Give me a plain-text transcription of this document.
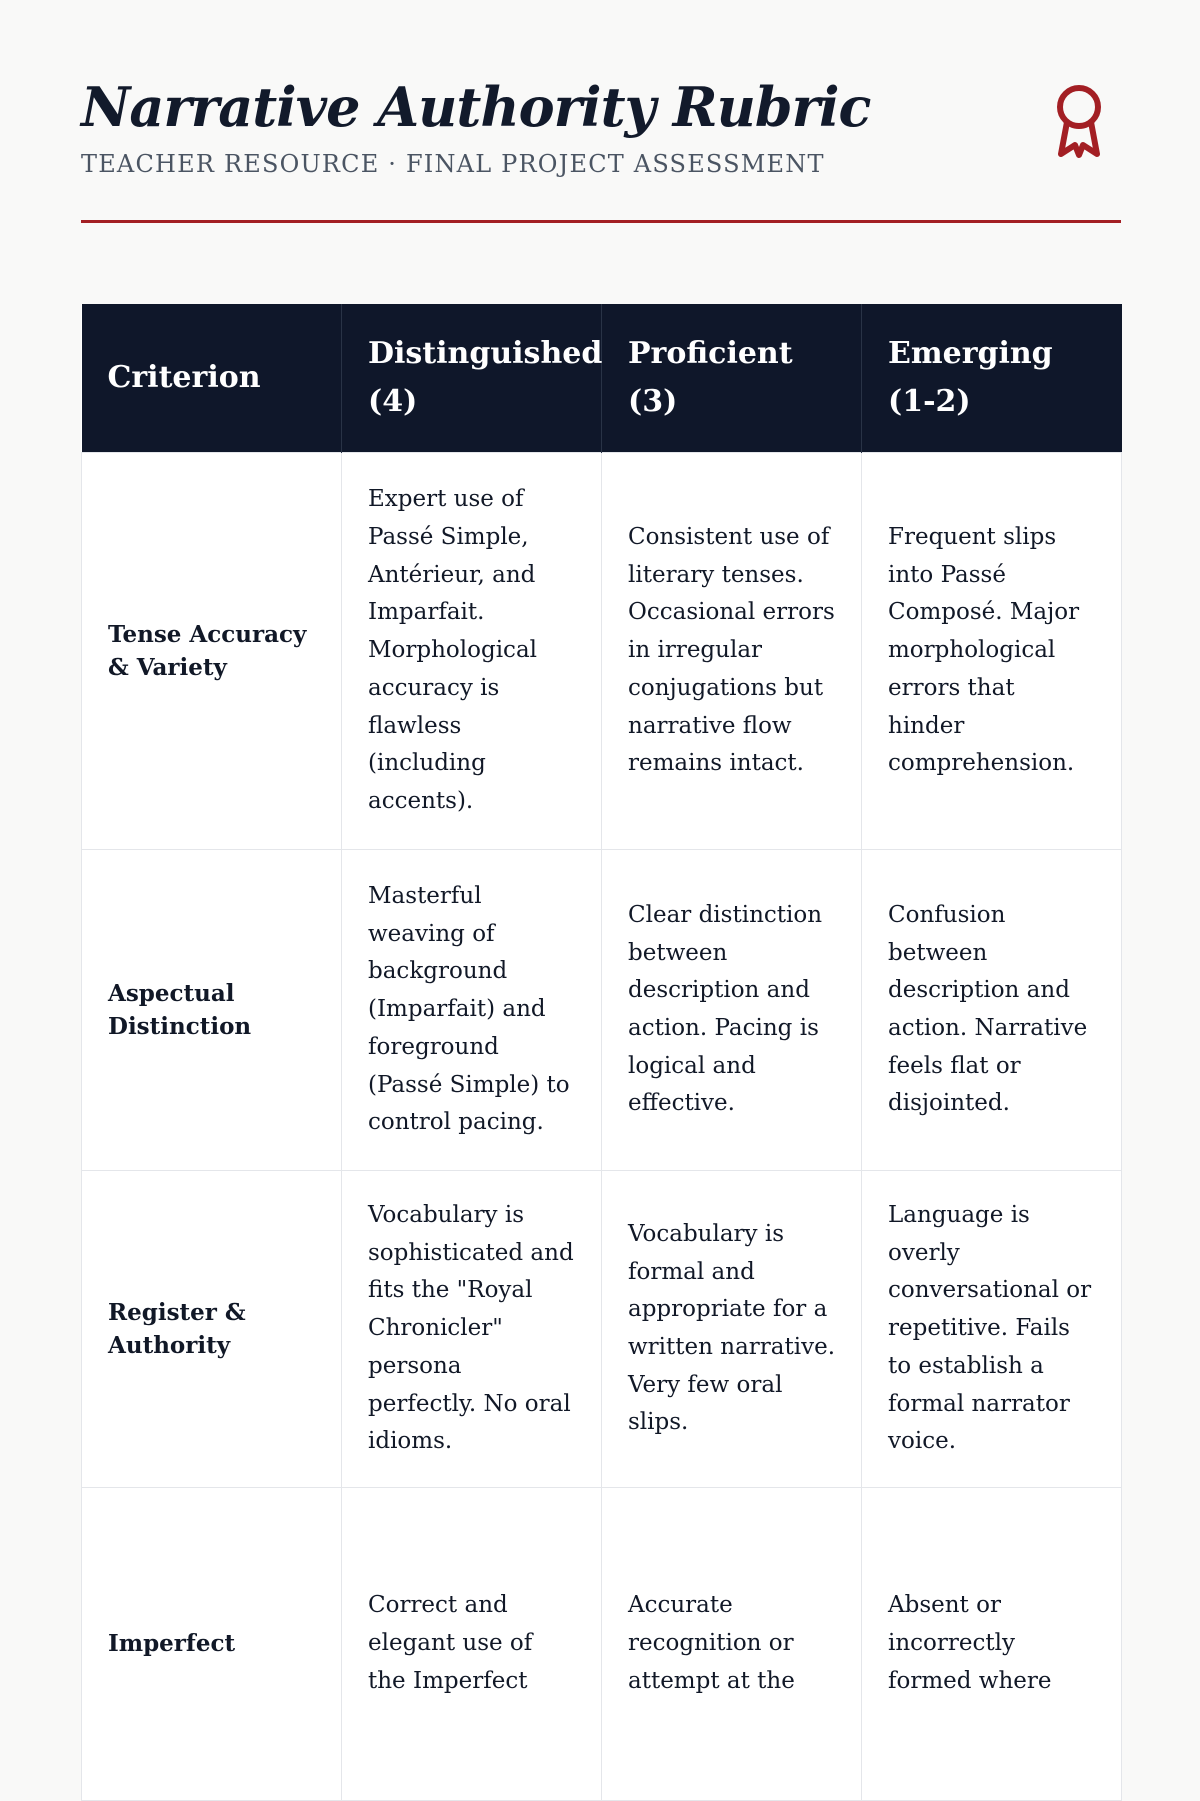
Narrative Authority Rubric
TEACHER RESOURCE · FINAL PROJECT ASSESSMENT
Criterion	Distinguished (4)	Proficient (3)	Emerging (1-2)
Tense Accuracy & Variety	Expert use of Passé Simple, Antérieur, and Imparfait. Morphological accuracy is flawless (including accents).	Consistent use of literary tenses. Occasional errors in irregular conjugations but narrative flow remains intact.	Frequent slips into Passé Composé. Major morphological errors that hinder comprehension.
Aspectual Distinction	Masterful weaving of background (Imparfait) and foreground (Passé Simple) to control pacing.	Clear distinction between description and action. Pacing is logical and effective.	Confusion between description and action. Narrative feels flat or disjointed.
Register & Authority	Vocabulary is sophisticated and fits the "Royal Chronicler" persona perfectly. No oral idioms.	Vocabulary is formal and appropriate for a written narrative. Very few oral slips.	Language is overly conversational or repetitive. Fails to establish a formal narrator voice.
Imperfect	Correct and elegant use of the Imperfect	Accurate recognition or attempt at the	Absent or incorrectly formed where
